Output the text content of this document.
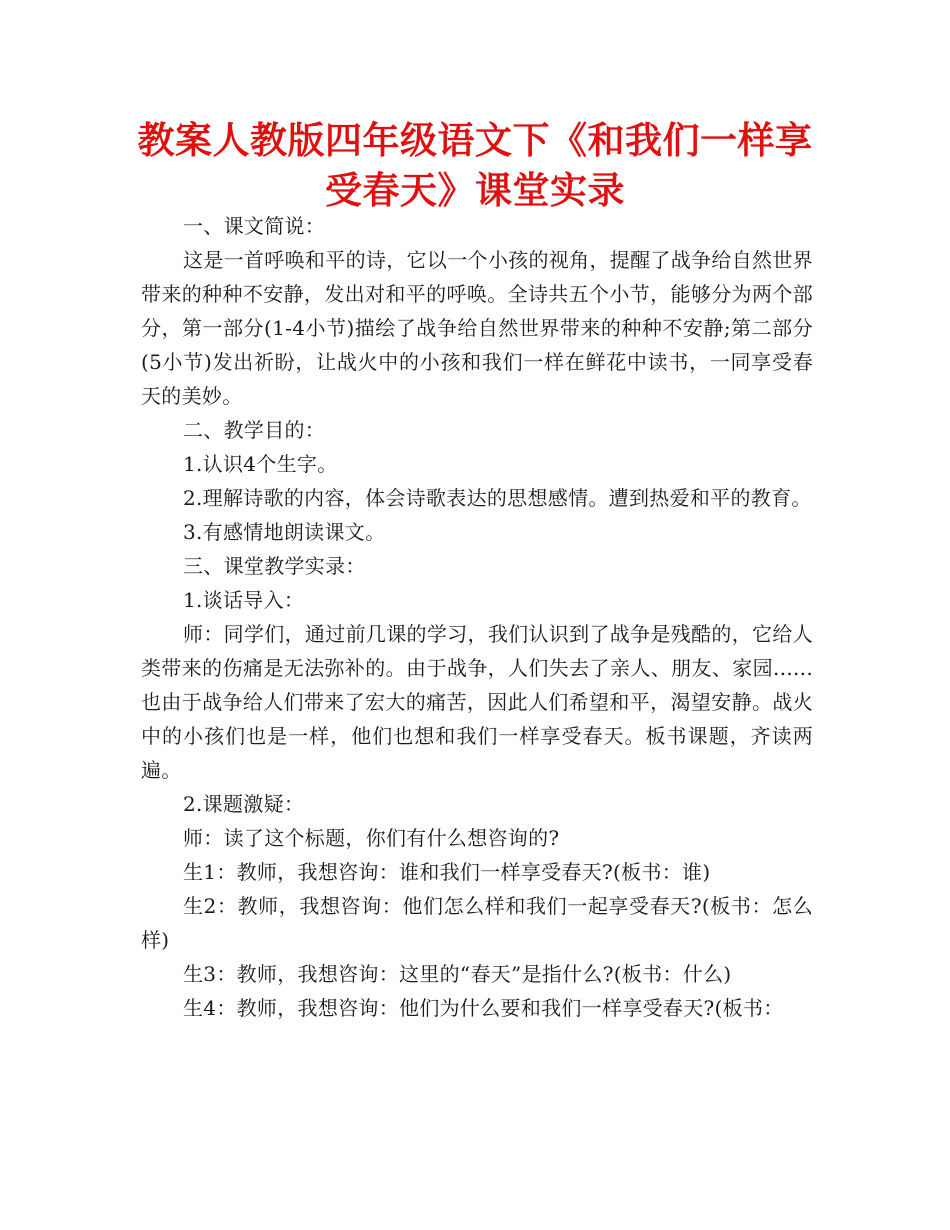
教案人教版四年级语文下《和我们一样享
受春天》课堂实录

一、课文简说：

这是一首呼唤和平的诗，它以一个小孩的视角，提醒了战争给自然世界带来的种种不安静，发出对和平的呼唤。全诗共五个小节，能够分为两个部分，第一部分(1-4小节)描绘了战争给自然世界带来的种种不安静;第二部分(5小节)发出祈盼，让战火中的小孩和我们一样在鲜花中读书，一同享受春天的美妙。

二、教学目的：

1.认识4个生字。

2.理解诗歌的内容，体会诗歌表达的思想感情。遭到热爱和平的教育。

3.有感情地朗读课文。

三、课堂教学实录：

1.谈话导入：

师：同学们，通过前几课的学习，我们认识到了战争是残酷的，它给人类带来的伤痛是无法弥补的。由于战争，人们失去了亲人、朋友、家园......也由于战争给人们带来了宏大的痛苦，因此人们希望和平，渴望安静。战火中的小孩们也是一样，他们也想和我们一样享受春天。板书课题，齐读两遍。

2.课题激疑：

师：读了这个标题，你们有什么想咨询的?

生1：教师，我想咨询：谁和我们一样享受春天?(板书：谁)

生2：教师，我想咨询：他们怎么样和我们一起享受春天?(板书：怎么样)

生3：教师，我想咨询：这里的“春天”是指什么?(板书：什么)

生4：教师，我想咨询：他们为什么要和我们一样享受春天?(板书：
